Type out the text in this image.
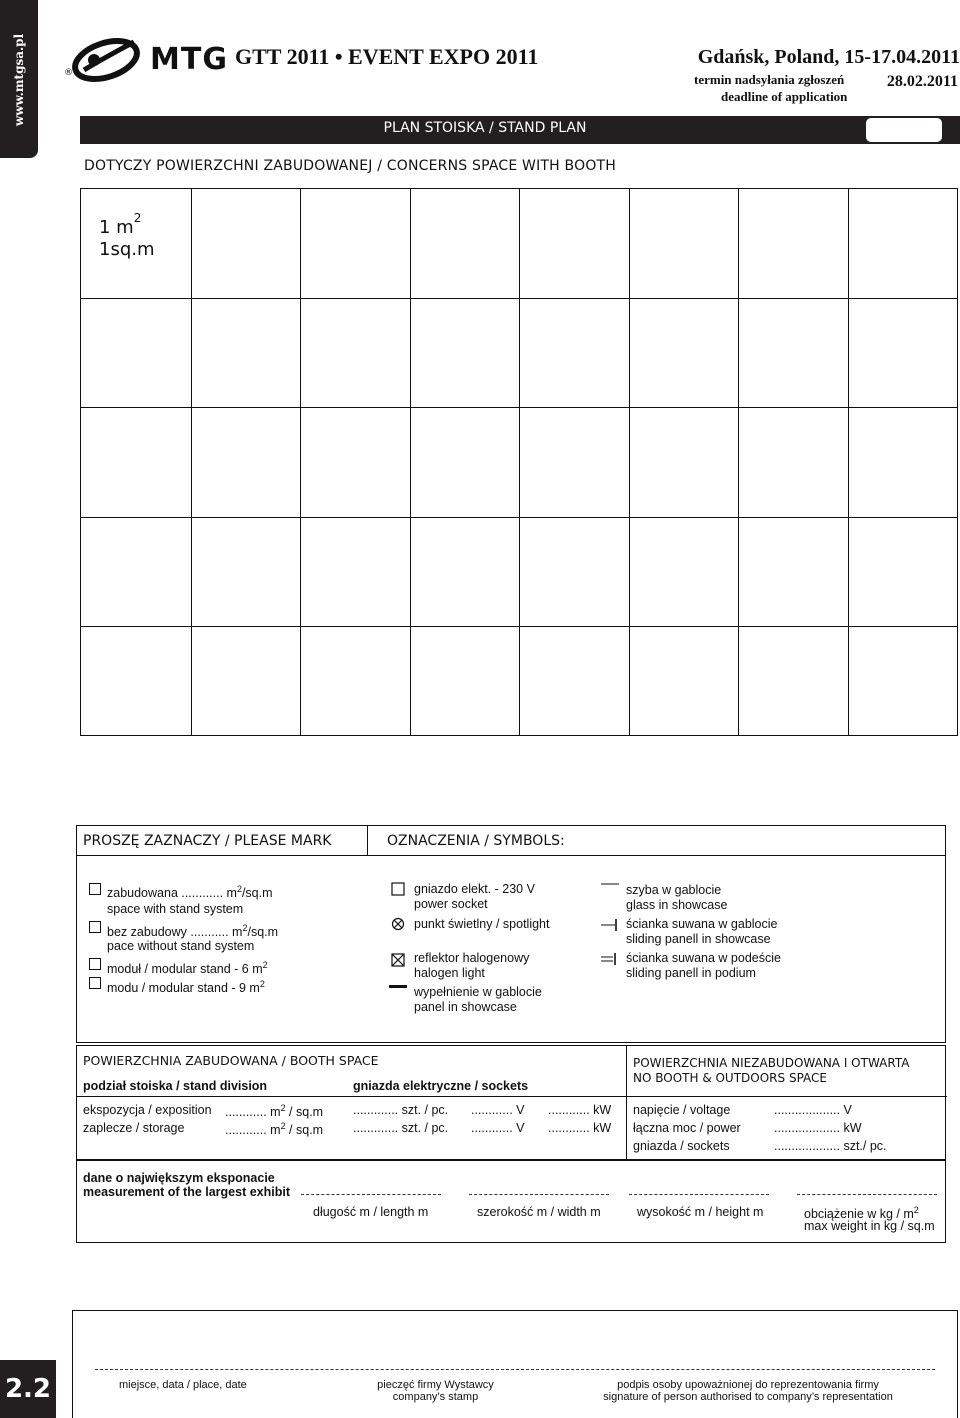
www.mtgsa.pl	MTG
®
GTT 2011 • EVENT EXPO 2011	Gdańsk, Poland, 15-17.04.2011
termin nadsyłania zgłoszeń	28.02.2011
deadline of application
PLAN STOISKA / STAND PLAN
DOTYCZY POWIERZCHNI ZABUDOWANEJ / CONCERNS SPACE WITH BOOTH
1 $m^2$
1sq.m
PROSZĘ ZAZNACZY / PLEASE MARK	OZNACZENIA / SYMBOLS:
zabudowana ............ $m^2/sq.m$
space with stand system
bez zabudowy ........... $m^2/sq.m$
pace without stand system
moduł / modular stand - 6 $m^2$
modu / modular stand - 9 $m^2$
gniazdo elekt. - 230 V
power socket
punkt świetlny / spotlight
reflektor halogenowy
halogen light
wypełnienie w gablocie
panel in showcase
szyba w gablocie
glass in showcase
ścianka suwana w gablocie
sliding panell in showcase
ścianka suwana w podeście
sliding panell in podium
POWIERZCHNIA ZABUDOWANA / BOOTH SPACE
podział stoiska / stand division	gniazda elektryczne / sockets
ekspozycja / exposition ............ $m^2 / sq.m$ ............. szt. / pc. ............ V ............ kW
zaplecze / storage	............ $m^2 / sq.m$ ............. szt. / pc. ............ V ............ kW
POWIERZCHNIA NIEZABUDOWANA I OTWARTA
NO BOOTH & OUTDOORS SPACE
napięcie / voltage	................... V
łączna moc / power	................... kW
gniazda / sockets	................... szt./ pc.
dane o największym eksponacie
measurement of the largest exhibit
długość m / length m	szerokość m / width m	wysokość m / height m	obciążenie w kg / $m^2$
max weight in kg / sq.m
miejsce, data / place, date	pieczęć firmy Wystawcy
company’s stamp
podpis osoby upoważnionej do reprezentowania firmy
signature of person authorised to company’s representation
2.2
